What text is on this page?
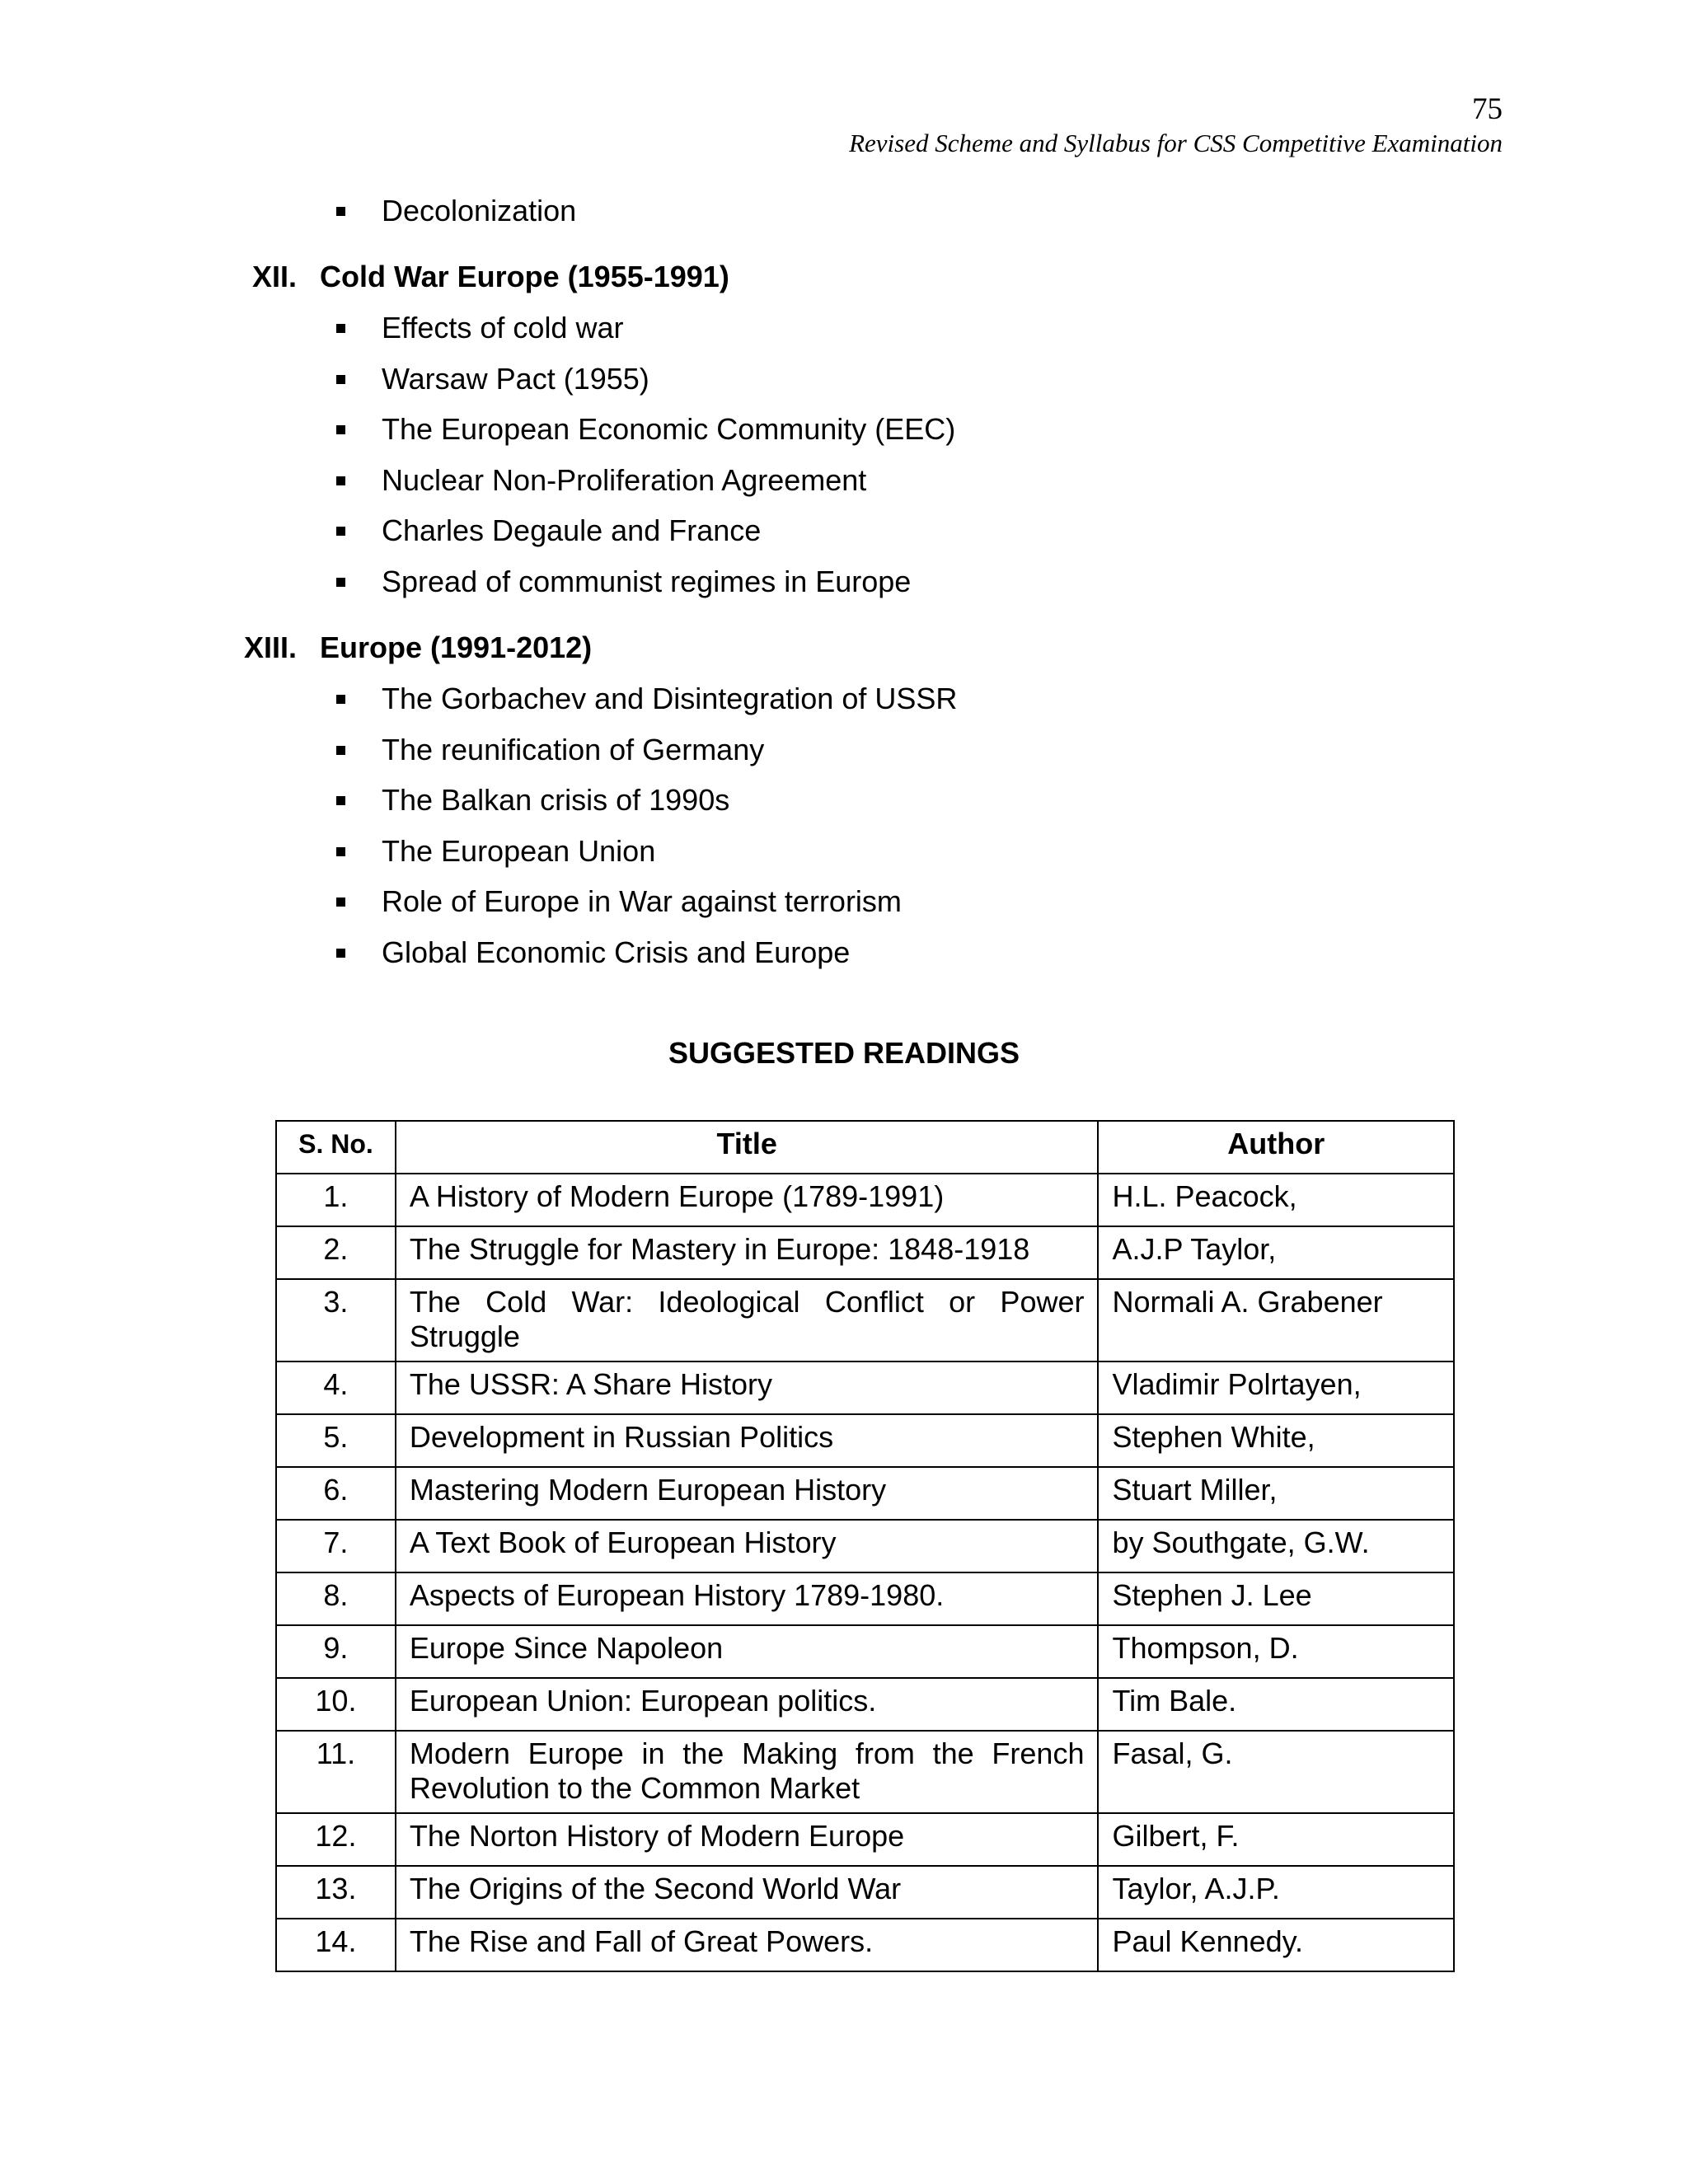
75
Revised Scheme and Syllabus for CSS Competitive Examination
Decolonization
XII. Cold War Europe (1955-1991)
Effects of cold war
Warsaw Pact (1955)
The European Economic Community (EEC)
Nuclear Non-Proliferation Agreement
Charles Degaule and France
Spread of communist regimes in Europe
XIII. Europe (1991-2012)
The Gorbachev and Disintegration of USSR
The reunification of Germany
The Balkan crisis of 1990s
The European Union
Role of Europe in War against terrorism
Global Economic Crisis and Europe
SUGGESTED READINGS
S. No.	Title	Author
1.	A History of Modern Europe (1789-1991)	H.L. Peacock,
2.	The Struggle for Mastery in Europe: 1848-1918	A.J.P Taylor,
3.	The Cold War: Ideological Conflict or Power Struggle	Normali A. Grabener
4.	The USSR: A Share History	Vladimir Polrtayen,
5.	Development in Russian Politics	Stephen White,
6.	Mastering Modern European History	Stuart Miller,
7.	A Text Book of European History	by Southgate, G.W.
8.	Aspects of European History 1789-1980.	Stephen J. Lee
9.	Europe Since Napoleon	Thompson, D.
10.	European Union: European politics.	Tim Bale.
11.	Modern Europe in the Making from the French Revolution to the Common Market	Fasal, G.
12.	The Norton History of Modern Europe	Gilbert, F.
13.	The Origins of the Second World War	Taylor, A.J.P.
14.	The Rise and Fall of Great Powers.	Paul Kennedy.
